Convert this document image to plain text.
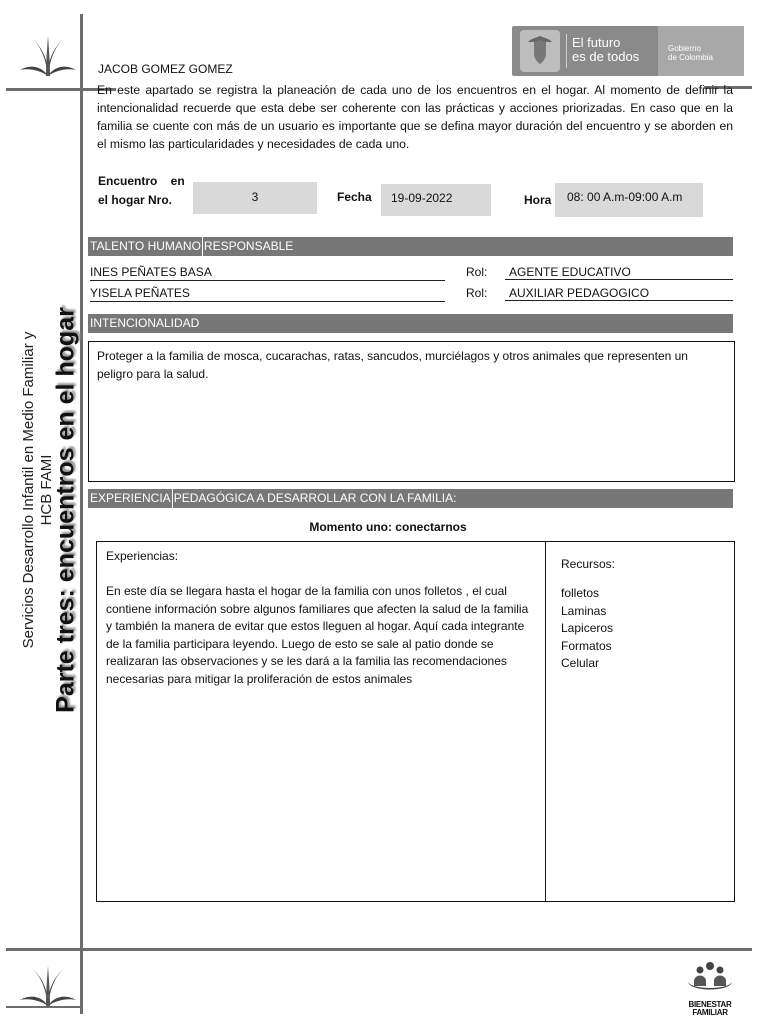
Servicios Desarrollo Infantil en Medio Familiar y HCB FAMI
Parte tres: encuentros en el hogar
El futuro
es de todos
Gobierno
de Colombia
JACOB GOMEZ GOMEZ
En este apartado se registra la planeación de cada uno de los encuentros en el hogar. Al momento de definir la intencionalidad recuerde que esta debe ser coherente con las prácticas y acciones priorizadas. En caso que en la familia se cuente con más de un usuario es importante que se defina mayor duración del encuentro y se aborden en el mismo las particularidades y necesidades de cada uno.
Encuentro    en
el hogar Nro.	3	Fecha	19-09-2022	Hora	08: 00 A.m-09:00 A.m
TALENTO HUMANO RESPONSABLE
INES PEÑATES BASA	Rol:	AGENTE EDUCATIVO
YISELA PEÑATES	Rol:	AUXILIAR PEDAGOGICO
INTENCIONALIDAD
Proteger a la familia de mosca, cucarachas, ratas, sancudos, murciélagos y otros animales que representen un peligro para la salud.
EXPERIENCIA PEDAGÓGICA A DESARROLLAR CON LA FAMILIA:
Momento uno: conectarnos
Experiencias:
En este día se llegara hasta el hogar de la familia con unos folletos , el cual contiene información sobre algunos familiares que afecten la salud de la familia y también la manera de evitar que estos lleguen al hogar. Aquí cada integrante de la familia participara leyendo. Luego de esto se sale al patio donde se realizaran las observaciones y se les dará a la familia las recomendaciones necesarias para mitigar la proliferación de estos animales
Recursos:
folletos
Laminas
Lapiceros
Formatos
Celular
BIENESTAR
FAMILIAR
